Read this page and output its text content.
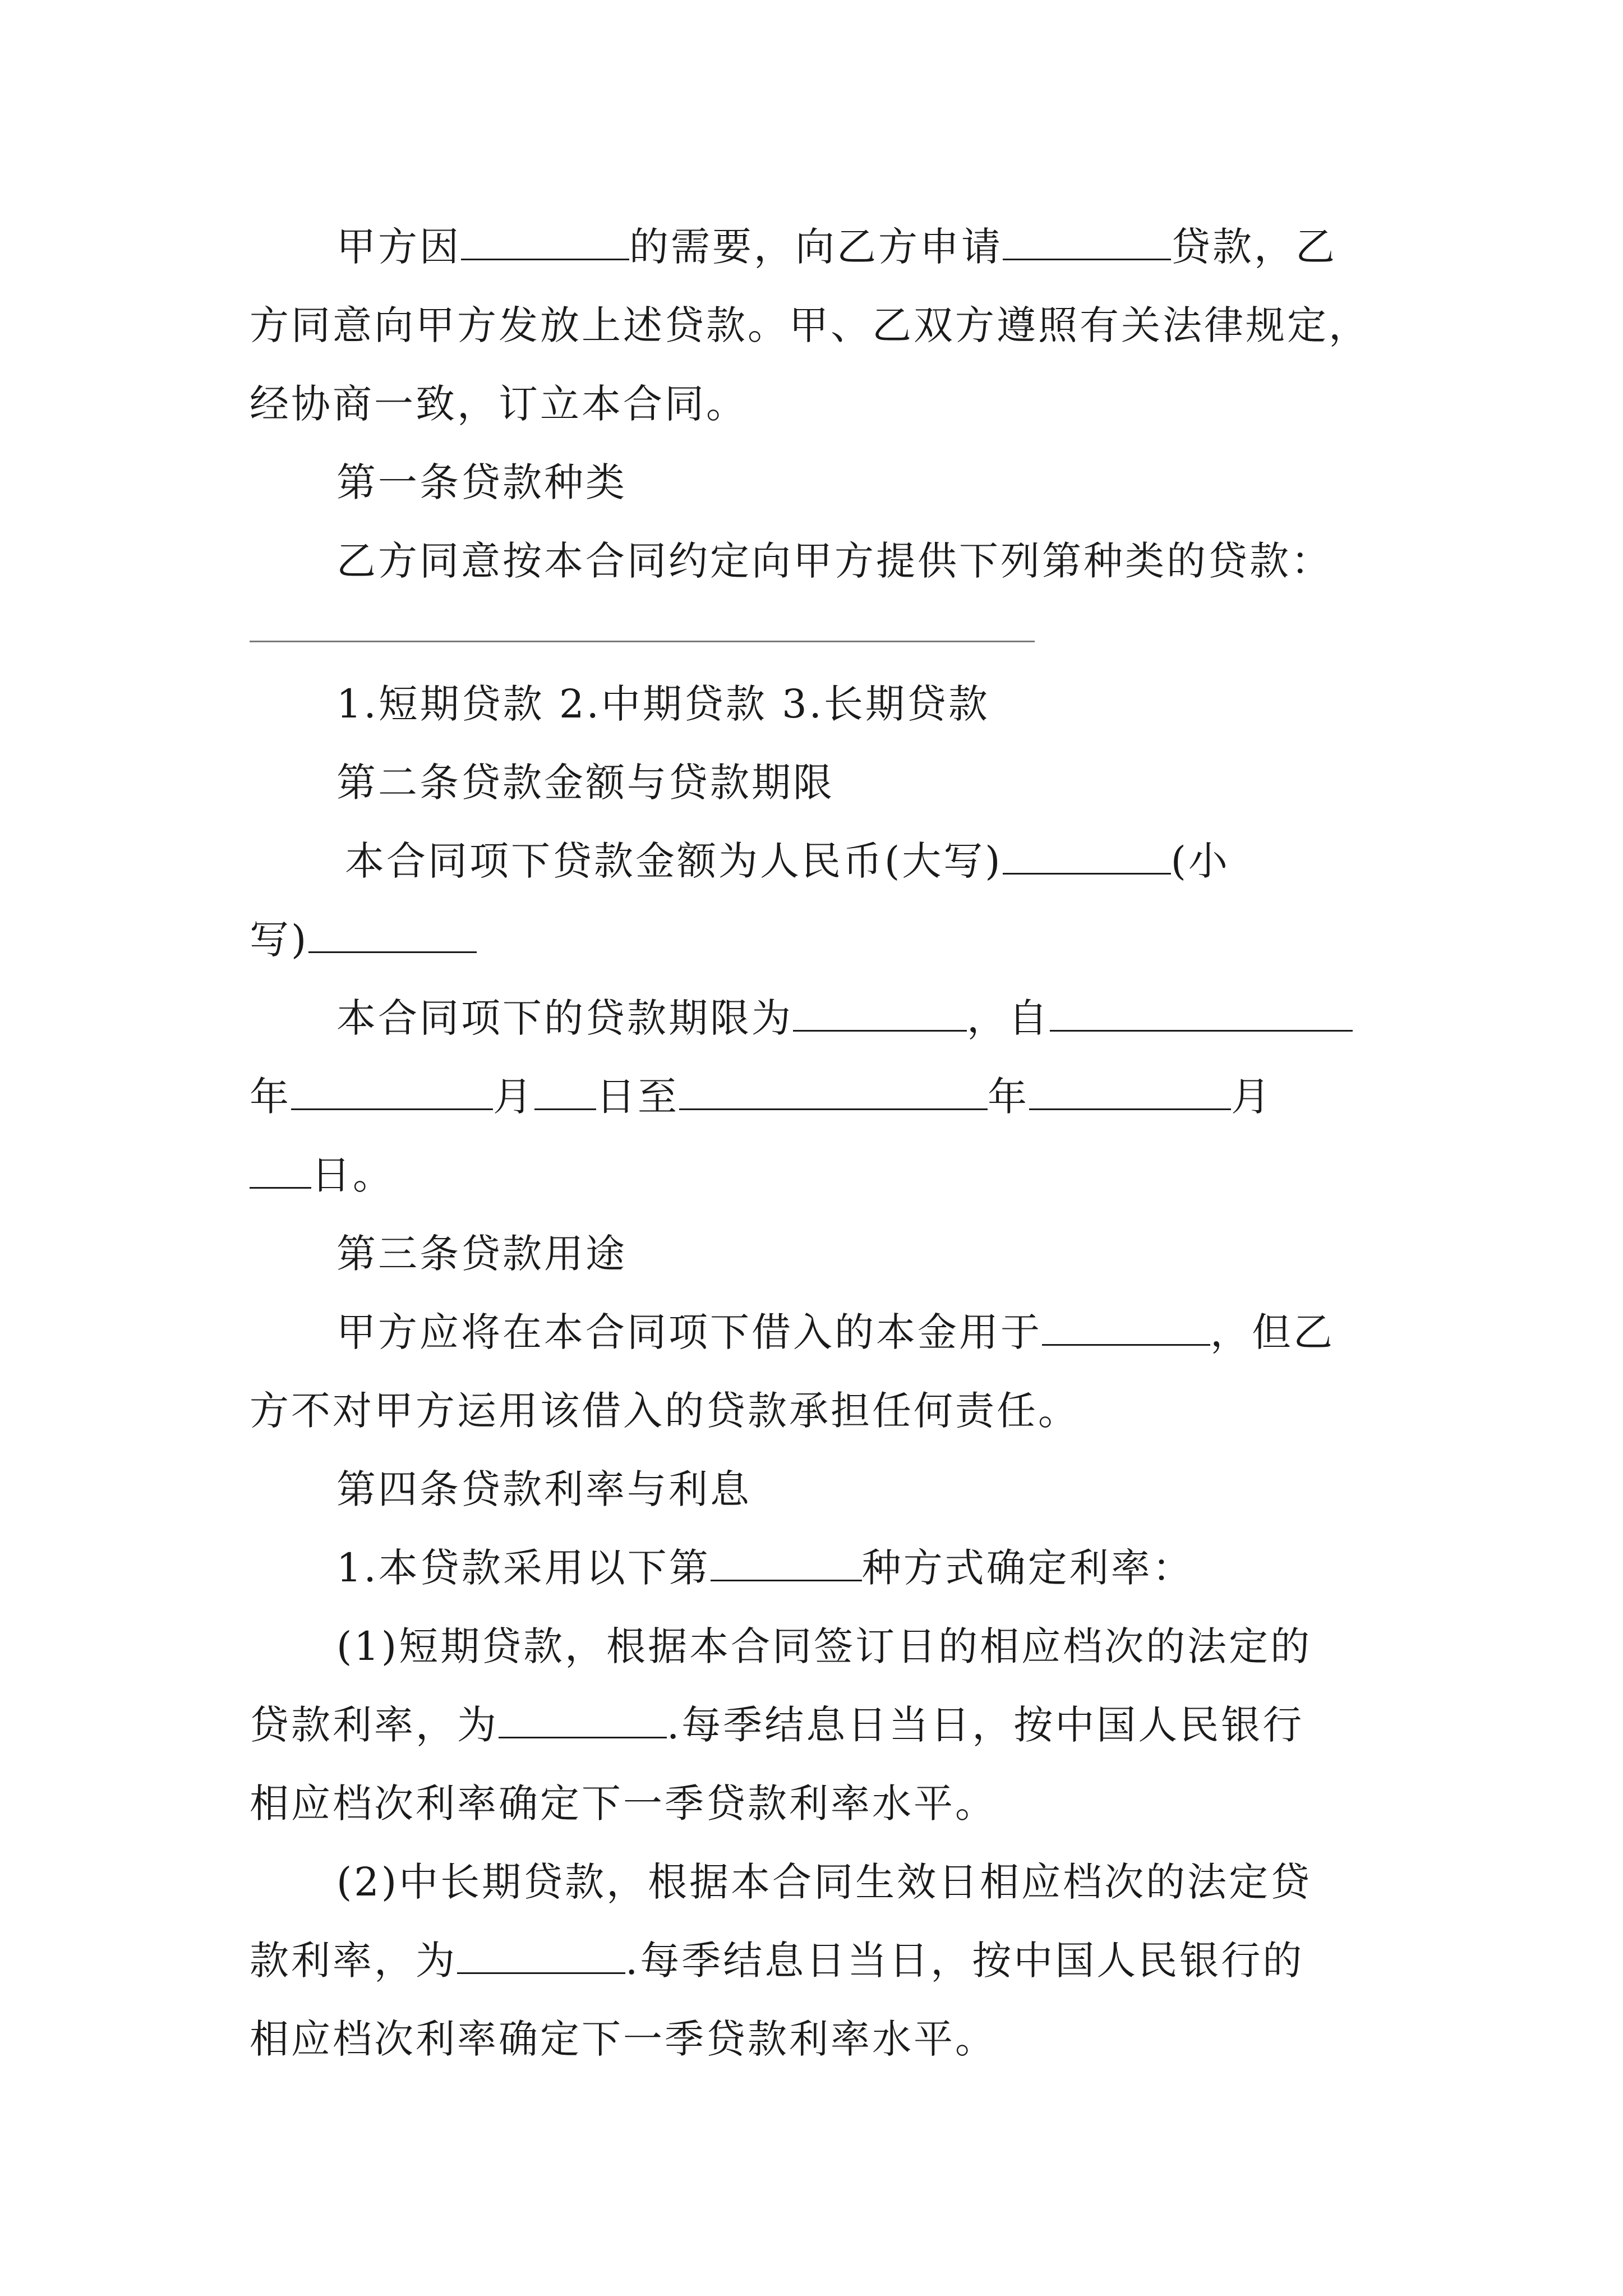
甲方因	的需要，向乙方申请	贷款，乙
方同意向甲方发放上述贷款。甲、乙双方遵照有关法律规定，
经协商一致，订立本合同。
第一条贷款种类
乙方同意按本合同约定向甲方提供下列第种类的贷款：
1.短期贷款 2.中期贷款 3.长期贷款
第二条贷款金额与贷款期限
本合同项下贷款金额为人民币(大写)	(小
写)
本合同项下的贷款期限为	，自
年	月 日至	年	月
日。
第三条贷款用途
甲方应将在本合同项下借入的本金用于	，但乙
方不对甲方运用该借入的贷款承担任何责任。
第四条贷款利率与利息
1.本贷款采用以下第	种方式确定利率：
(1)短期贷款，根据本合同签订日的相应档次的法定的
贷款利率，为	.每季结息日当日，按中国人民银行
相应档次利率确定下一季贷款利率水平。
(2)中长期贷款，根据本合同生效日相应档次的法定贷
款利率，为	.每季结息日当日，按中国人民银行的
相应档次利率确定下一季贷款利率水平。
